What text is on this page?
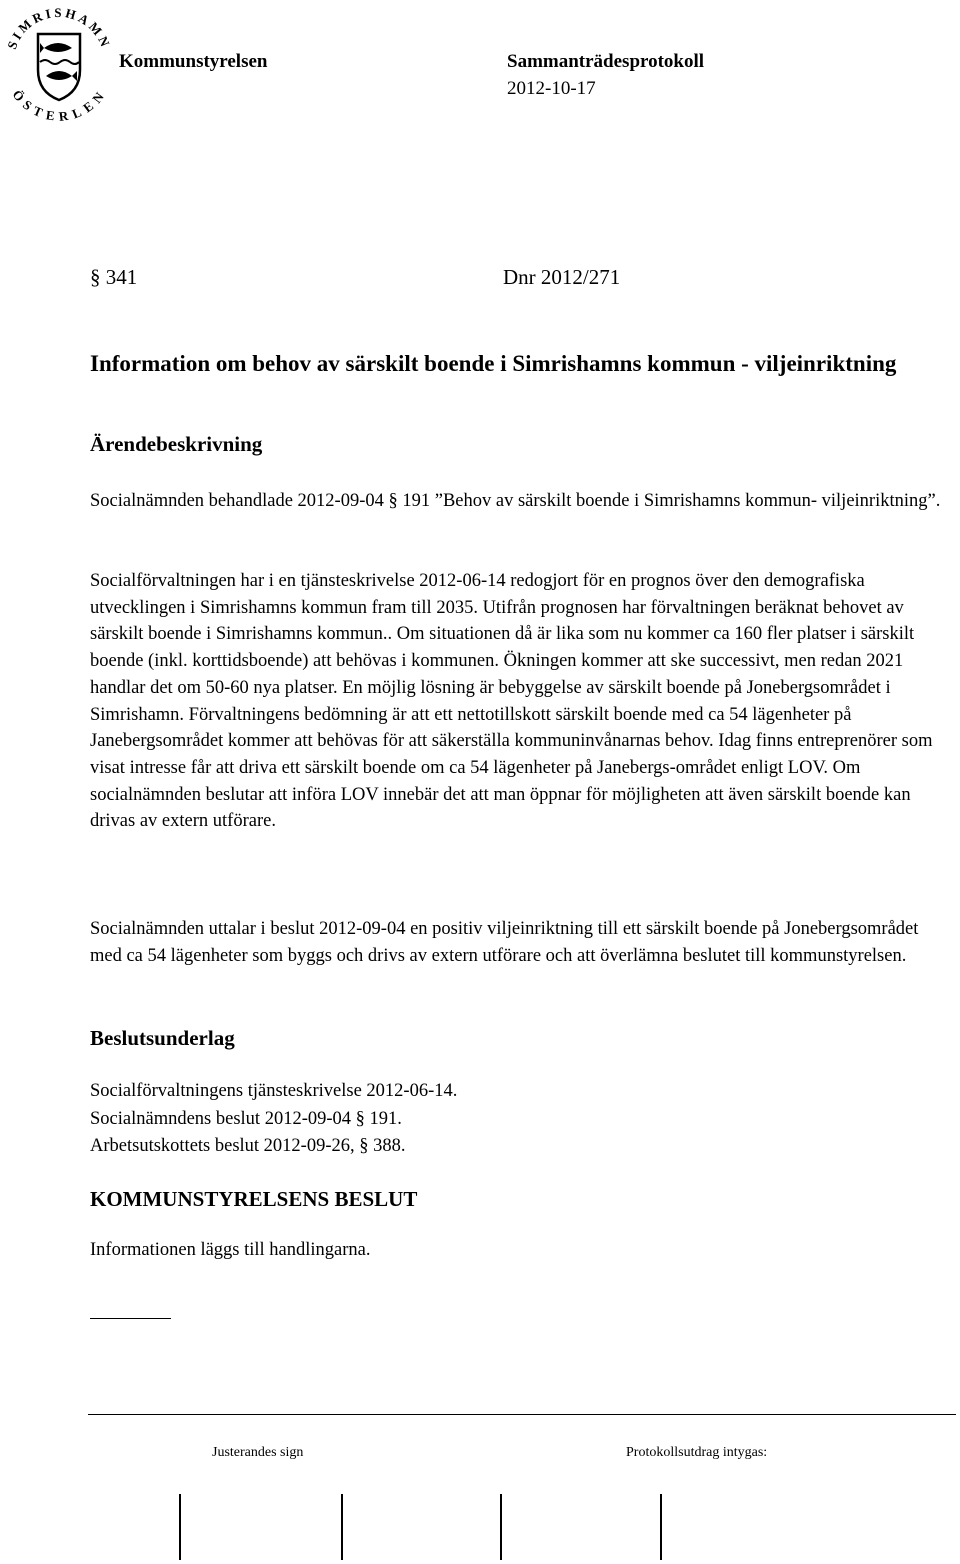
SIMRISHAMN
ÖSTERLEN
Kommunstyrelsen	Sammanträdesprotokoll
2012-10-17
§ 341	Dnr 2012/271
Information om behov av särskilt boende i Simrishamns kommun - viljeinriktning
Ärendebeskrivning
Socialnämnden behandlade 2012-09-04 § 191 ”Behov av särskilt boende i Simrishamns kommun- viljeinriktning”.
Socialförvaltningen har i en tjänsteskrivelse 2012-06-14 redogjort för en prognos över den demografiska utvecklingen i Simrishamns kommun fram till 2035. Utifrån prognosen har förvaltningen beräknat behovet av särskilt boende i Simrishamns kommun.. Om situationen då är lika som nu kommer ca 160 fler platser i särskilt boende (inkl. korttidsboende) att behövas i kommunen. Ökningen kommer att ske successivt, men redan 2021 handlar det om 50-60 nya platser. En möjlig lösning är bebyggelse av särskilt boende på Jonebergsområdet i Simrishamn. Förvaltningens bedömning är att ett nettotillskott särskilt boende med ca 54 lägenheter på Janebergsområdet kommer att behövas för att säkerställa kommuninvånarnas behov. Idag finns entreprenörer som visat intresse får att driva ett särskilt boende om ca 54 lägenheter på Janebergs-området enligt LOV. Om socialnämnden beslutar att införa LOV innebär det att man öppnar för möjligheten att även särskilt boende kan drivas av extern utförare.
Socialnämnden uttalar i beslut 2012-09-04 en positiv viljeinriktning till ett särskilt boende på Jonebergsområdet med ca 54 lägenheter som byggs och drivs av extern utförare och att överlämna beslutet till kommunstyrelsen.
Beslutsunderlag
Socialförvaltningens tjänsteskrivelse 2012-06-14.
Socialnämndens beslut 2012-09-04 § 191.
Arbetsutskottets beslut 2012-09-26, § 388.
KOMMUNSTYRELSENS BESLUT
Informationen läggs till handlingarna.
Justerandes sign	Protokollsutdrag intygas:
